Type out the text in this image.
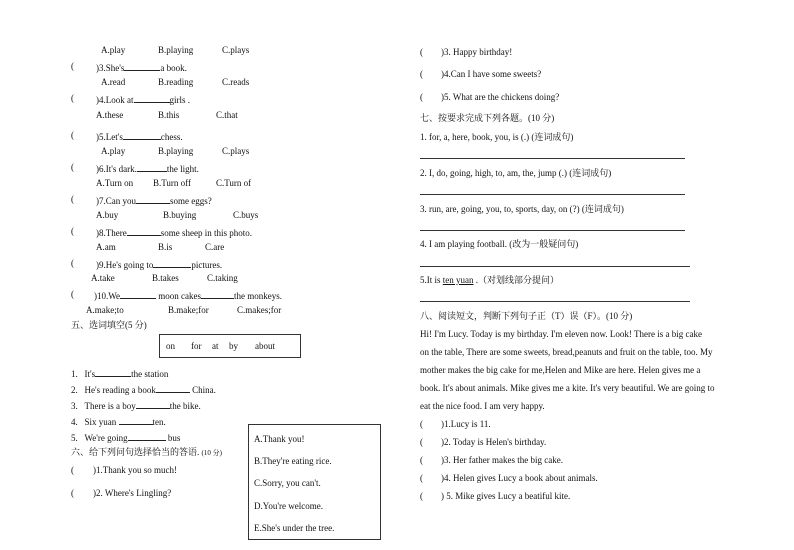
A.play	B.playing	C.plays
( )3.She's	a book.
A.read	B.reading	C.reads
( )4.Look at	girls .
A.these	B.this	C.that
( )5.Let's	chess.
A.play	B.playing	C.plays
( )6.It's dark.	the light.
A.Turn on B.Turn off	C.Turn of
( )7.Can you	some eggs?
A.buy	B.buying	C.buys
( )8.There	some sheep in this photo.
A.am	B.is	C.are
( )9.He's going to	pictures.
A.take	B.takes	C.taking
( )10.We	moon cakes	the monkeys.
A.make;to	B.make;for	C.makes;for
五、选词填空(5 分)
on for at by about
1. It's	the station
2. He's reading a book	China.
3. There is a boy	the bike.
4. Six yuan	ten.
5. We're going	bus
六、给下列问句选择恰当的答语. (10 分)
( )1.Thank you so much!
( )2. Where's Lingling?
A.Thank you!
B.They're eating rice.
C.Sorry, you can't.
D.You're welcome.
E.She's under the tree.
( )3. Happy birthday!
( )4.Can I have some sweets?
( )5. What are the chickens doing?
七、按要求完成下列各题。(10 分)
1. for, a, here, book, you, is (.) (连词成句)
2. I, do, going, high, to, am, the, jump (.) (连词成句)
3. run, are, going, you, to, sports, day, on (?) (连词成句)
4. I am playing football. (改为一般疑问句)
5.It is ten yuan .（对划线部分提问）
八、阅读短文，判断下列句子正（T）误（F）。(10 分)
Hi! I'm Lucy. Today is my birthday. I'm eleven now. Look! There is a big cake
on the table, There are some sweets, bread,peanuts and fruit on the table, too. My
mother makes the big cake for me,Helen and Mike are here. Helen gives me a
book. It's about animals. Mike gives me a kite. It's very beautiful. We are going to
eat the nice food. I am very happy.
( )1.Lucy is 11.
( )2. Today is Helen's birthday.
( )3. Her father makes the big cake.
( )4. Helen gives Lucy a book about animals.
( ) 5. Mike gives Lucy a beatiful kite.
